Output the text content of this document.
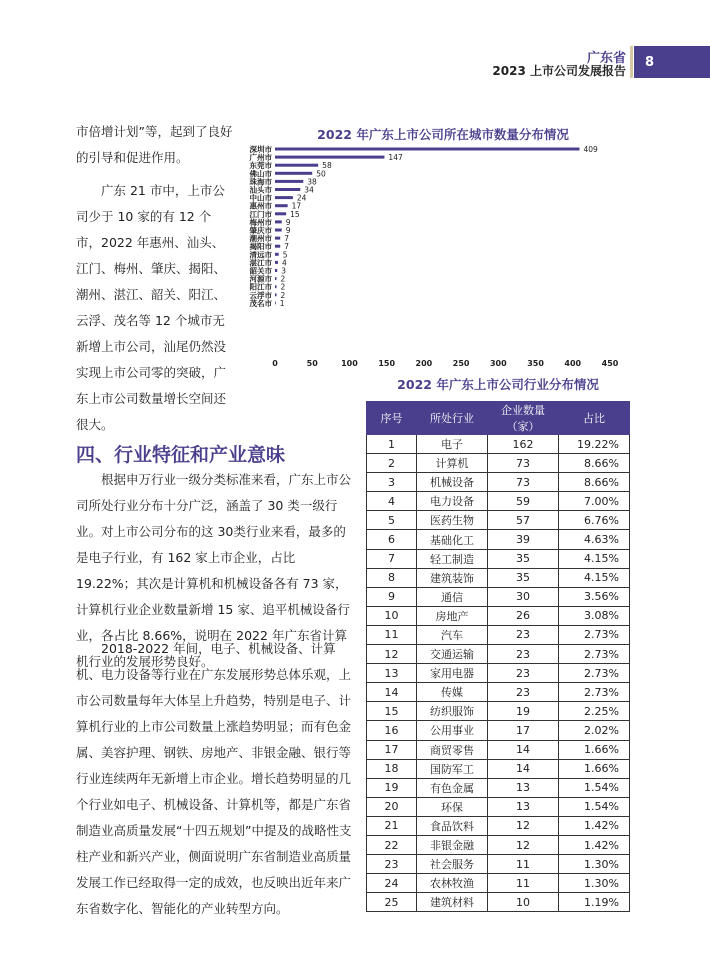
广东省
2023 上市公司发展报告
8
市倍增计划”等，起到了良好的引导和促进作用。
广东 21 市中，上市公司少于 10 家的有 12 个市，2022 年惠州、汕头、江门、梅州、肇庆、揭阳、潮州、湛江、韶关、阳江、云浮、茂名等 12 个城市无新增上市公司，汕尾仍然没实现上市公司零的突破，广东上市公司数量增长空间还很大。
四、行业特征和产业意味
根据申万行业一级分类标准来看，广东上市公司所处行业分布十分广泛，涵盖了 30 类一级行业。对上市公司分布的这 30类行业来看，最多的是电子行业，有 162 家上市企业，占比 19.22%；其次是计算机和机械设备各有 73 家，计算机行业企业数量新增 15 家、追平机械设备行业，各占比 8.66%，说明在 2022 年广东省计算机行业的发展形势良好。
2018-2022 年间，电子、机械设备、计算机、电力设备等行业在广东发展形势总体乐观，上市公司数量每年大体呈上升趋势，特别是电子、计算机行业的上市公司数量上涨趋势明显；而有色金属、美容护理、钢铁、房地产、非银金融、银行等行业连续两年无新增上市企业。增长趋势明显的几个行业如电子、机械设备、计算机等，都是广东省制造业高质量发展“十四五规划”中提及的战略性支柱产业和新兴产业，侧面说明广东省制造业高质量发展工作已经取得一定的成效，也反映出近年来广东省数字化、智能化的产业转型方向。
2022 年广东上市公司所在城市数量分布情况
深圳市	409
广州市	147
东莞市	58
佛山市	50
珠海市	38
汕头市	34
中山市	24
惠州市	17
江门市 15
梅州市 9
肇庆市 9
潮州市 7
揭阳市 7
清远市 5
湛江市 4
韶关市 3
河源市 2
阳江市 2
云浮市 2
茂名市 1
0	50	100	150	200	250	300	350	400	450
2022 年广东上市公司行业分布情况
序号	所处行业	企业数量（家）	占比
1	电子	162	19.22%
2	计算机	73	8.66%
3	机械设备	73	8.66%
4	电力设备	59	7.00%
5	医药生物	57	6.76%
6	基础化工	39	4.63%
7	轻工制造	35	4.15%
8	建筑装饰	35	4.15%
9	通信	30	3.56%
10	房地产	26	3.08%
11	汽车	23	2.73%
12	交通运输	23	2.73%
13	家用电器	23	2.73%
14	传媒	23	2.73%
15	纺织服饰	19	2.25%
16	公用事业	17	2.02%
17	商贸零售	14	1.66%
18	国防军工	14	1.66%
19	有色金属	13	1.54%
20	环保	13	1.54%
21	食品饮料	12	1.42%
22	非银金融	12	1.42%
23	社会服务	11	1.30%
24	农林牧渔	11	1.30%
25	建筑材料	10	1.19%
